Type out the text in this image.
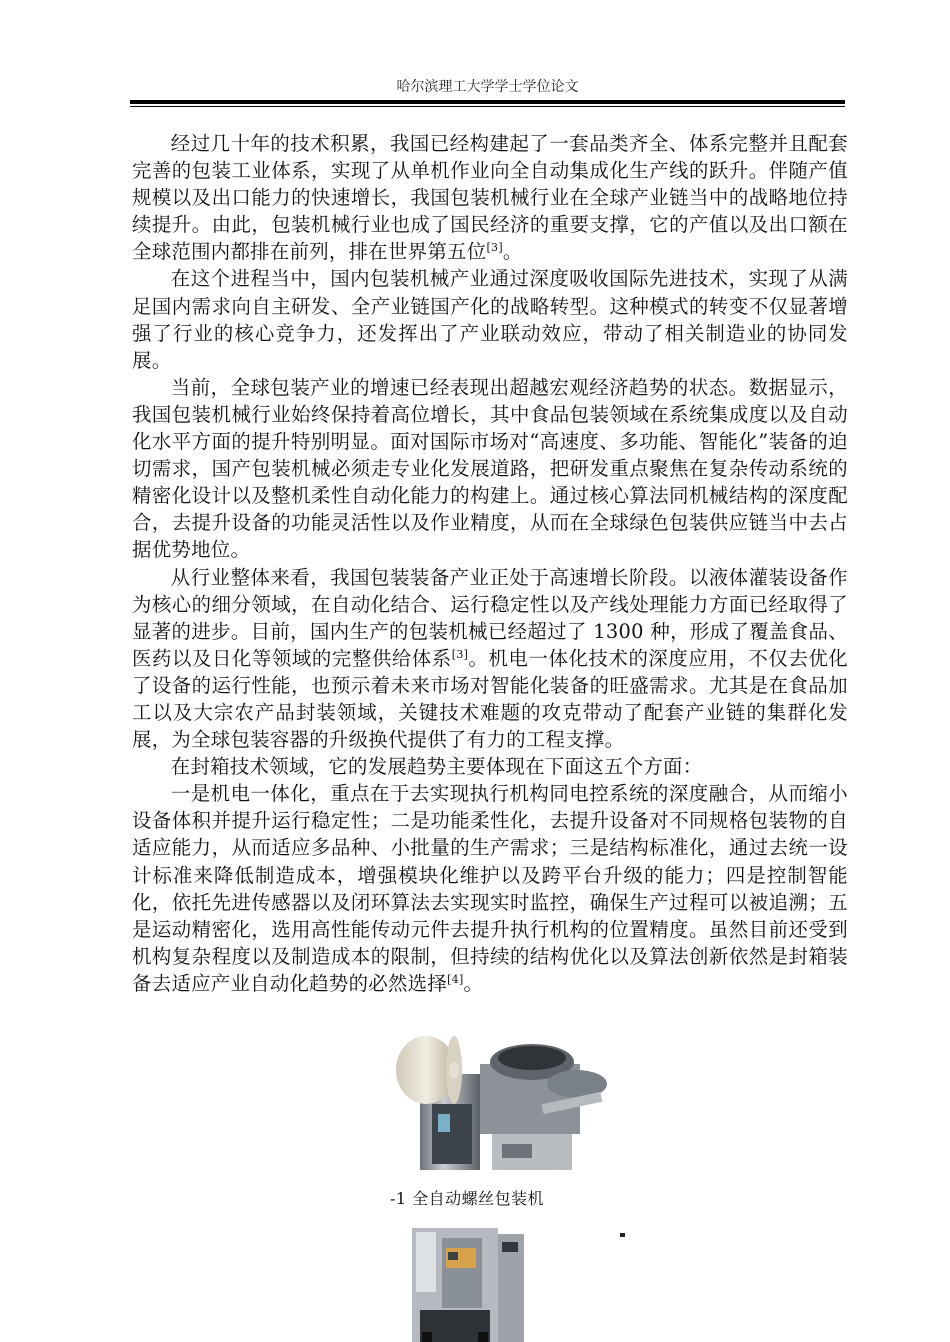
哈尔滨理工大学学士学位论文

经过几十年的技术积累，我国已经构建起了一套品类齐全、体系完整并且配套完善的包装工业体系，实现了从单机作业向全自动集成化生产线的跃升。伴随产值规模以及出口能力的快速增长，我国包装机械行业在全球产业链当中的战略地位持续提升。由此，包装机械行业也成了国民经济的重要支撑，它的产值以及出口额在全球范围内都排在前列，排在世界第五位[3]。

在这个进程当中，国内包装机械产业通过深度吸收国际先进技术，实现了从满足国内需求向自主研发、全产业链国产化的战略转型。这种模式的转变不仅显著增强了行业的核心竞争力，还发挥出了产业联动效应，带动了相关制造业的协同发展。

当前，全球包装产业的增速已经表现出超越宏观经济趋势的状态。数据显示，我国包装机械行业始终保持着高位增长，其中食品包装领域在系统集成度以及自动化水平方面的提升特别明显。面对国际市场对“高速度、多功能、智能化”装备的迫切需求，国产包装机械必须走专业化发展道路，把研发重点聚焦在复杂传动系统的精密化设计以及整机柔性自动化能力的构建上。通过核心算法同机械结构的深度配合，去提升设备的功能灵活性以及作业精度，从而在全球绿色包装供应链当中去占据优势地位。

从行业整体来看，我国包装装备产业正处于高速增长阶段。以液体灌装设备作为核心的细分领域，在自动化结合、运行稳定性以及产线处理能力方面已经取得了显著的进步。目前，国内生产的包装机械已经超过了 1300 种，形成了覆盖食品、医药以及日化等领域的完整供给体系[3]。机电一体化技术的深度应用，不仅去优化了设备的运行性能，也预示着未来市场对智能化装备的旺盛需求。尤其是在食品加工以及大宗农产品封装领域，关键技术难题的攻克带动了配套产业链的集群化发展，为全球包装容器的升级换代提供了有力的工程支撑。

在封箱技术领域，它的发展趋势主要体现在下面这五个方面：

一是机电一体化，重点在于去实现执行机构同电控系统的深度融合，从而缩小设备体积并提升运行稳定性；二是功能柔性化，去提升设备对不同规格包装物的自适应能力，从而适应多品种、小批量的生产需求；三是结构标准化，通过去统一设计标准来降低制造成本，增强模块化维护以及跨平台升级的能力；四是控制智能化，依托先进传感器以及闭环算法去实现实时监控，确保生产过程可以被追溯；五是运动精密化，选用高性能传动元件去提升执行机构的位置精度。虽然目前还受到机构复杂程度以及制造成本的限制，但持续的结构优化以及算法创新依然是封箱装备去适应产业自动化趋势的必然选择[4]。

-1 全自动螺丝包装机
